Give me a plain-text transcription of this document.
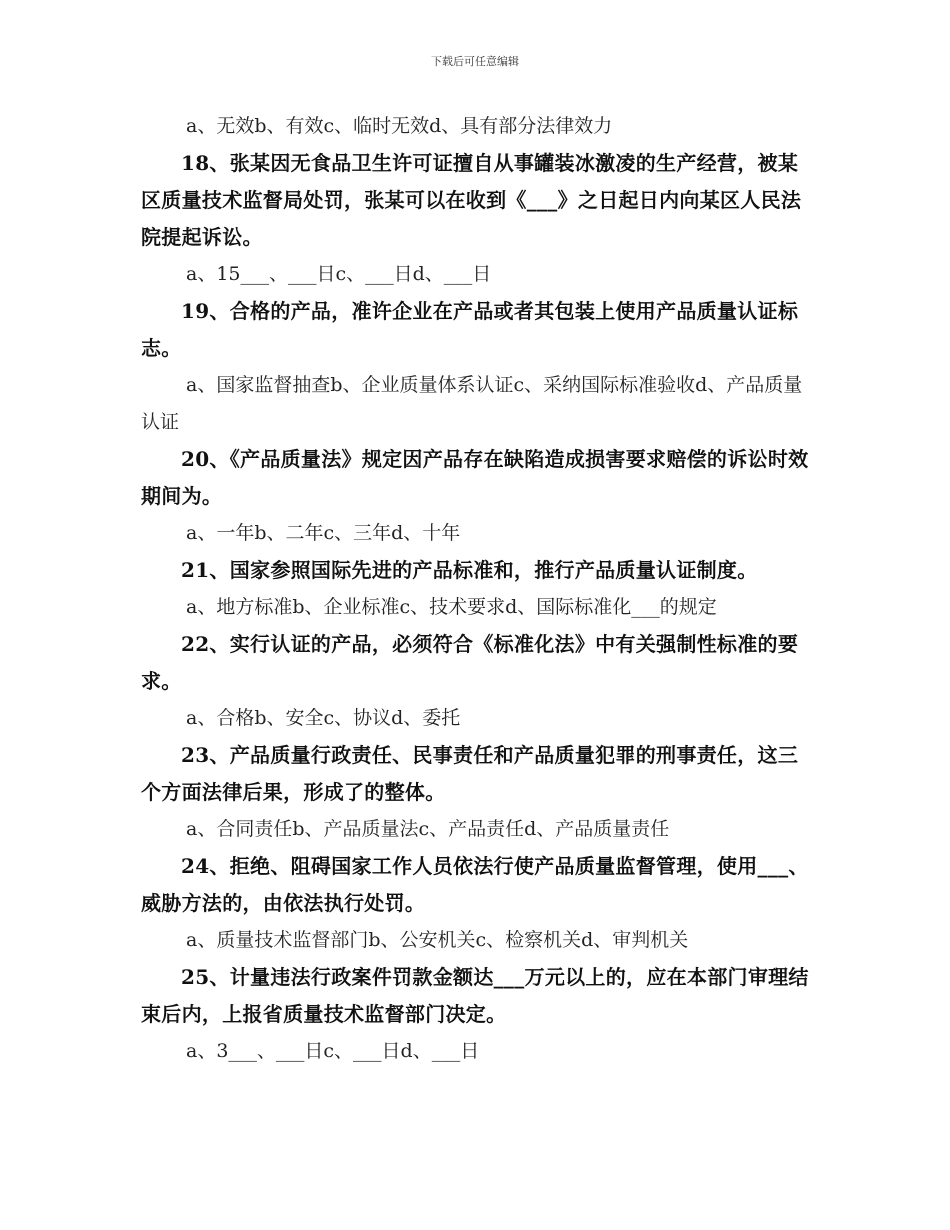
下载后可任意编辑

a、无效b、有效c、临时无效d、具有部分法律效力

18、张某因无食品卫生许可证擅自从事罐装冰激凌的生产经营，被某区质量技术监督局处罚，张某可以在收到《___》之日起日内向某区人民法院提起诉讼。

a、15___、___日c、___日d、___日

19、合格的产品，准许企业在产品或者其包装上使用产品质量认证标志。

a、国家监督抽查b、企业质量体系认证c、采纳国际标准验收d、产品质量认证

20、《产品质量法》规定因产品存在缺陷造成损害要求赔偿的诉讼时效期间为。

a、一年b、二年c、三年d、十年

21、国家参照国际先进的产品标准和，推行产品质量认证制度。

a、地方标准b、企业标准c、技术要求d、国际标准化___的规定

22、实行认证的产品，必须符合《标准化法》中有关强制性标准的要求。

a、合格b、安全c、协议d、委托

23、产品质量行政责任、民事责任和产品质量犯罪的刑事责任，这三个方面法律后果，形成了的整体。

a、合同责任b、产品质量法c、产品责任d、产品质量责任

24、拒绝、阻碍国家工作人员依法行使产品质量监督管理，使用___、威胁方法的，由依法执行处罚。

a、质量技术监督部门b、公安机关c、检察机关d、审判机关

25、计量违法行政案件罚款金额达___万元以上的，应在本部门审理结束后内，上报省质量技术监督部门决定。

a、3___、___日c、___日d、___日
